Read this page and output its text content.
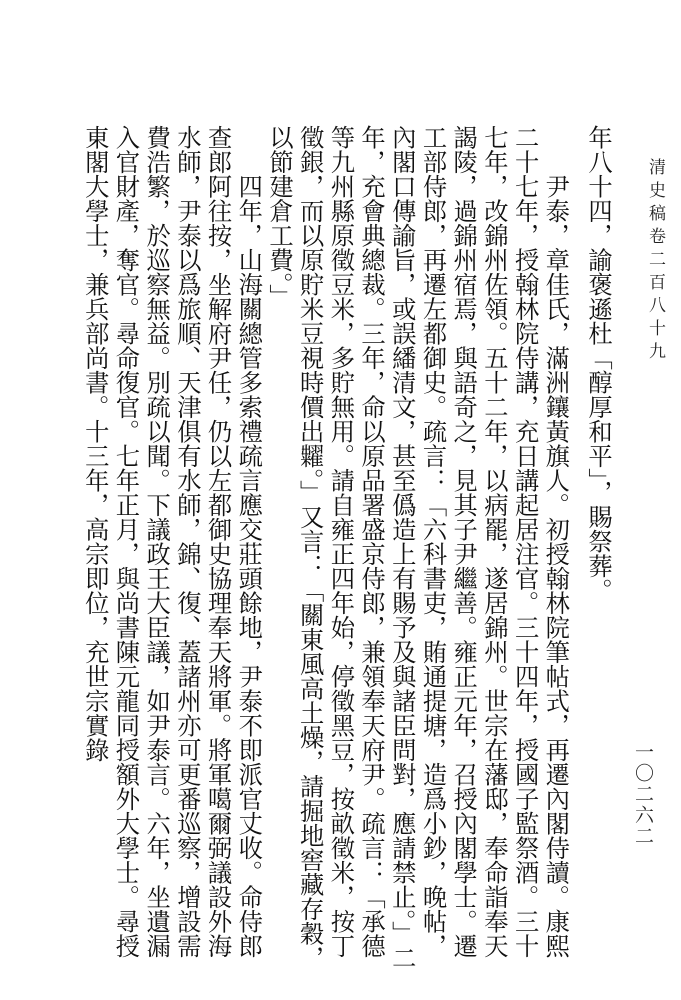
清史稿卷二百八十九
一〇二六二

年八十四，諭褒遜杜「醇厚和平」，賜祭葬。

尹泰，章佳氏，滿洲鑲黃旗人。初授翰林院筆帖式，再遷內閣侍讀。康熙二十七年，授翰林院侍講，充日講起居注官。三十四年，授國子監祭酒。三十七年，改錦州佐領。五十二年，以病罷，遂居錦州。世宗在藩邸，奉命詣奉天謁陵，過錦州宿焉，與語奇之，見其子尹繼善。雍正元年，召授內閣學士。遷工部侍郎，再遷左都御史。疏言：「六科書吏，賄通提塘，造爲小鈔，晚帖，內閣口傳諭旨，或誤繙清文，甚至僞造上有賜予及與諸臣問對，應請禁止。」二年，充會典總裁。三年，命以原品署盛京侍郎，兼領奉天府尹。疏言：「承德等九州縣原徵豆米，多貯無用。請自雍正四年始，停徵黑豆，按畝徵米，按丁徵銀，而以原貯米豆視時價出糶。」又言：「關東風高土燥，請掘地窖藏存穀，以節建倉工費。」

四年，山海關總管多索禮疏言應交莊頭餘地，尹泰不即派官丈收。命侍郎查郎阿往按，坐解府尹任，仍以左都御史協理奉天將軍。將軍噶爾弼議設外海水師，尹泰以爲旅順、天津俱有水師，錦、復、蓋諸州亦可更番巡察，增設需費浩繁，於巡察無益。別疏以聞。下議政王大臣議，如尹泰言。六年，坐遺漏入官財產，奪官。尋命復官。七年正月，與尚書陳元龍同授額外大學士。尋授東閣大學士，兼兵部尚書。十三年，高宗即位，充世宗實錄
